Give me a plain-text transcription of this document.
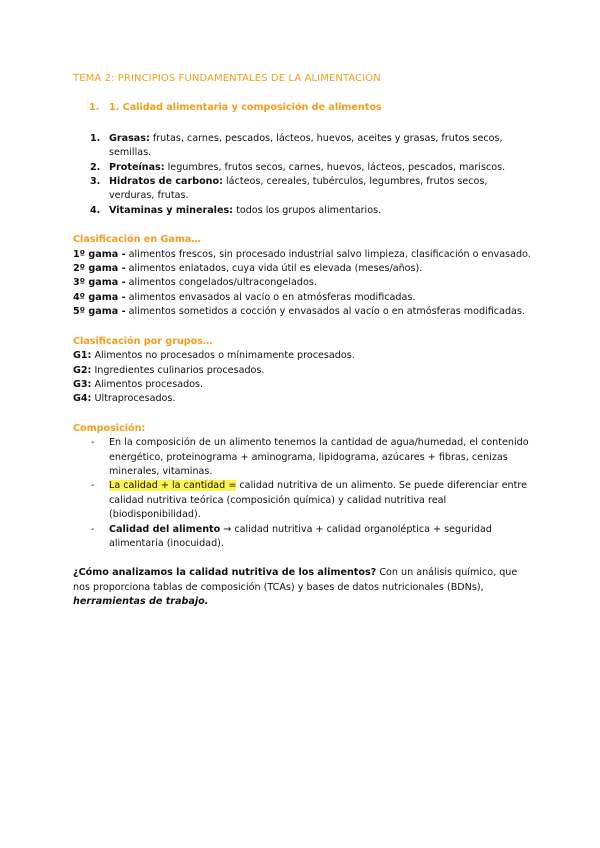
TEMA 2: PRINCIPIOS FUNDAMENTALES DE LA ALIMENTACIÓN
1. 1. Calidad alimentaria y composición de alimentos
1. Grasas: frutas, carnes, pescados, lácteos, huevos, aceites y grasas, frutos secos, semillas.
2. Proteínas: legumbres, frutos secos, carnes, huevos, lácteos, pescados, mariscos.
3. Hidratos de carbono: lácteos, cereales, tubérculos, legumbres, frutos secos, verduras, frutas.
4. Vitaminas y minerales: todos los grupos alimentarios.
Clasificación en Gama…
1º gama - alimentos frescos, sin procesado industrial salvo limpieza, clasificación o envasado.
2º gama - alimentos enlatados, cuya vida útil es elevada (meses/años).
3º gama - alimentos congelados/ultracongelados.
4º gama - alimentos envasados al vacío o en atmósferas modificadas.
5º gama - alimentos sometidos a cocción y envasados al vacío o en atmósferas modificadas.
Clasificación por grupos…
G1: Alimentos no procesados o mínimamente procesados.
G2: Ingredientes culinarios procesados.
G3: Alimentos procesados.
G4: Ultraprocesados.
Composición:
- En la composición de un alimento tenemos la cantidad de agua/humedad, el contenido energético, proteinograma + aminograma, lipidograma, azúcares + fibras, cenizas minerales, vitaminas.
- La calidad + la cantidad = calidad nutritiva de un alimento. Se puede diferenciar entre calidad nutritiva teórica (composición química) y calidad nutritiva real (biodisponibilidad).
- Calidad del alimento → calidad nutritiva + calidad organoléptica + seguridad alimentaria (inocuidad).
¿Cómo analizamos la calidad nutritiva de los alimentos? Con un análisis químico, que nos proporciona tablas de composición (TCAs) y bases de datos nutricionales (BDNs), herramientas de trabajo.
